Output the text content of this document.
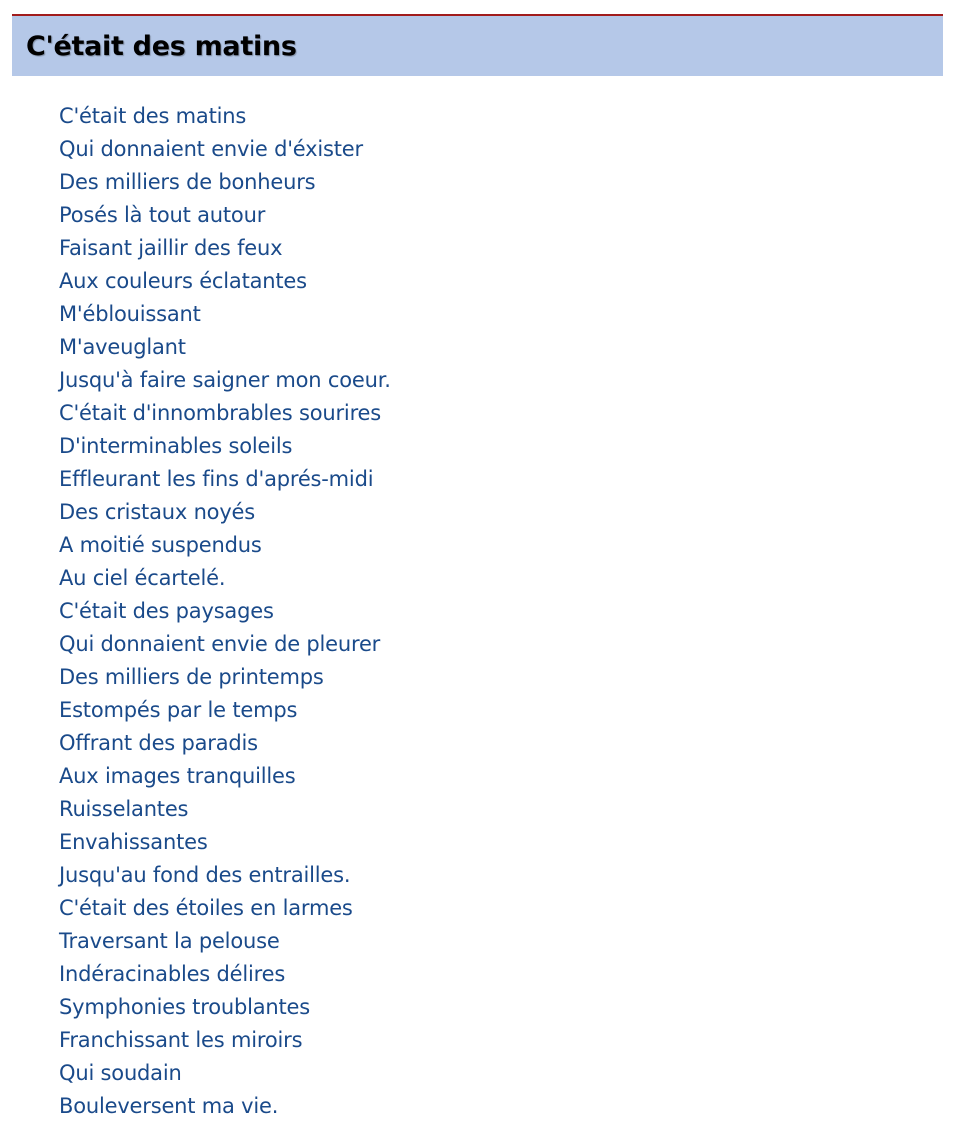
C'était des matins
C'était des matins
Qui donnaient envie d'éxister
Des milliers de bonheurs
Posés là tout autour
Faisant jaillir des feux
Aux couleurs éclatantes
M'éblouissant
M'aveuglant
Jusqu'à faire saigner mon coeur.
C'était d'innombrables sourires
D'interminables soleils
Effleurant les fins d'aprés-midi
Des cristaux noyés
A moitié suspendus
Au ciel écartelé.
C'était des paysages
Qui donnaient envie de pleurer
Des milliers de printemps
Estompés par le temps
Offrant des paradis
Aux images tranquilles
Ruisselantes
Envahissantes
Jusqu'au fond des entrailles.
C'était des étoiles en larmes
Traversant la pelouse
Indéracinables délires
Symphonies troublantes
Franchissant les miroirs
Qui soudain
Bouleversent ma vie.
